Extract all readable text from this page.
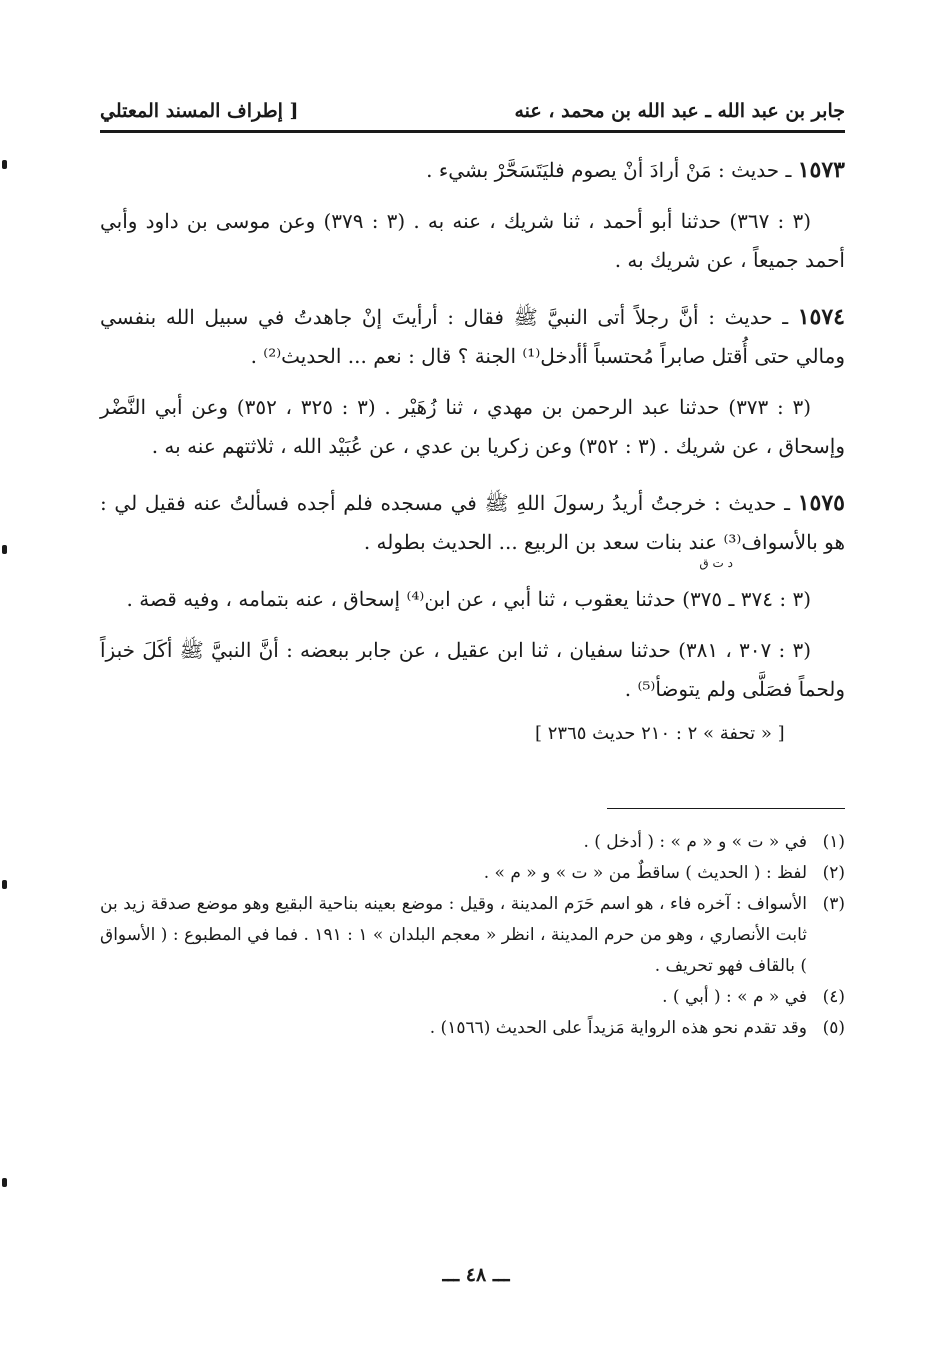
جابر بن عبد الله ـ عبد الله بن محمد ، عنه
[ إطراف المسند المعتلي
١٥٧٣ ـ حديث : مَنْ أرادَ أنْ يصوم فليَتَسَحَّرْ بشيء .
(٣ : ٣٦٧) حدثنا أبو أحمد ، ثنا شريك ، عنه به . (٣ : ٣٧٩) وعن موسى بن داود وأبي أحمد جميعاً ، عن شريك به .
١٥٧٤ ـ حديث : أنَّ رجلاً أتى النبيَّ ﷺ فقال : أرأيتَ إنْ جاهدتُ في سبيل الله بنفسي ومالي حتى أُقتل صابراً مُحتسباً أأدخل⁽¹⁾ الجنة ؟ قال : نعم ... الحديث⁽²⁾ .
(٣ : ٣٧٣) حدثنا عبد الرحمن بن مهدي ، ثنا زُهَيْر . (٣ : ٣٢٥ ، ٣٥٢) وعن أبي النَّضْر وإسحاق ، عن شريك . (٣ : ٣٥٢) وعن زكريا بن عدي ، عن عُبَيْد الله ، ثلاثتهم عنه به .
١٥٧٥ ـ حديث : خرجتُ أريدُ رسولَ اللهِ ﷺ في مسجده فلم أجده فسألتُ عنه فقيل لي : هو بالأسواف⁽³⁾ عند بنات سعد بن الربيع ... الحديث بطوله .
د ت ق
(٣ : ٣٧٤ ـ ٣٧٥) حدثنا يعقوب ، ثنا أبي ، عن ابن⁽⁴⁾ إسحاق ، عنه بتمامه ، وفيه قصة .
(٣ : ٣٠٧ ، ٣٨١) حدثنا سفيان ، ثنا ابن عقيل ، عن جابر ببعضه : أنَّ النبيَّ ﷺ أكَلَ خبزاً ولحماً فصَلَّى ولم يتوضأ⁽⁵⁾ .
[ « تحفة » ٢ : ٢١٠ حديث ٢٣٦٥ ]
(١)
في « ت » و « م » : ( أدخل ) .
(٢)
لفظ : ( الحديث ) ساقطٌ من « ت » و « م » .
(٣)
الأسواف : آخره فاء ، هو اسم حَرَم المدينة ، وقيل : موضع بعينه بناحية البقيع وهو موضع صدقة زيد بن ثابت الأنصاري ، وهو من حرم المدينة ، انظر « معجم البلدان » ١ : ١٩١ . فما في المطبوع : ( الأسواق ) بالقاف فهو تحريف .
(٤)
في « م » : ( أبي ) .
(٥)
وقد تقدم نحو هذه الرواية مَزيداً على الحديث (١٥٦٦) .
ـــ ٤٨ ـــ
